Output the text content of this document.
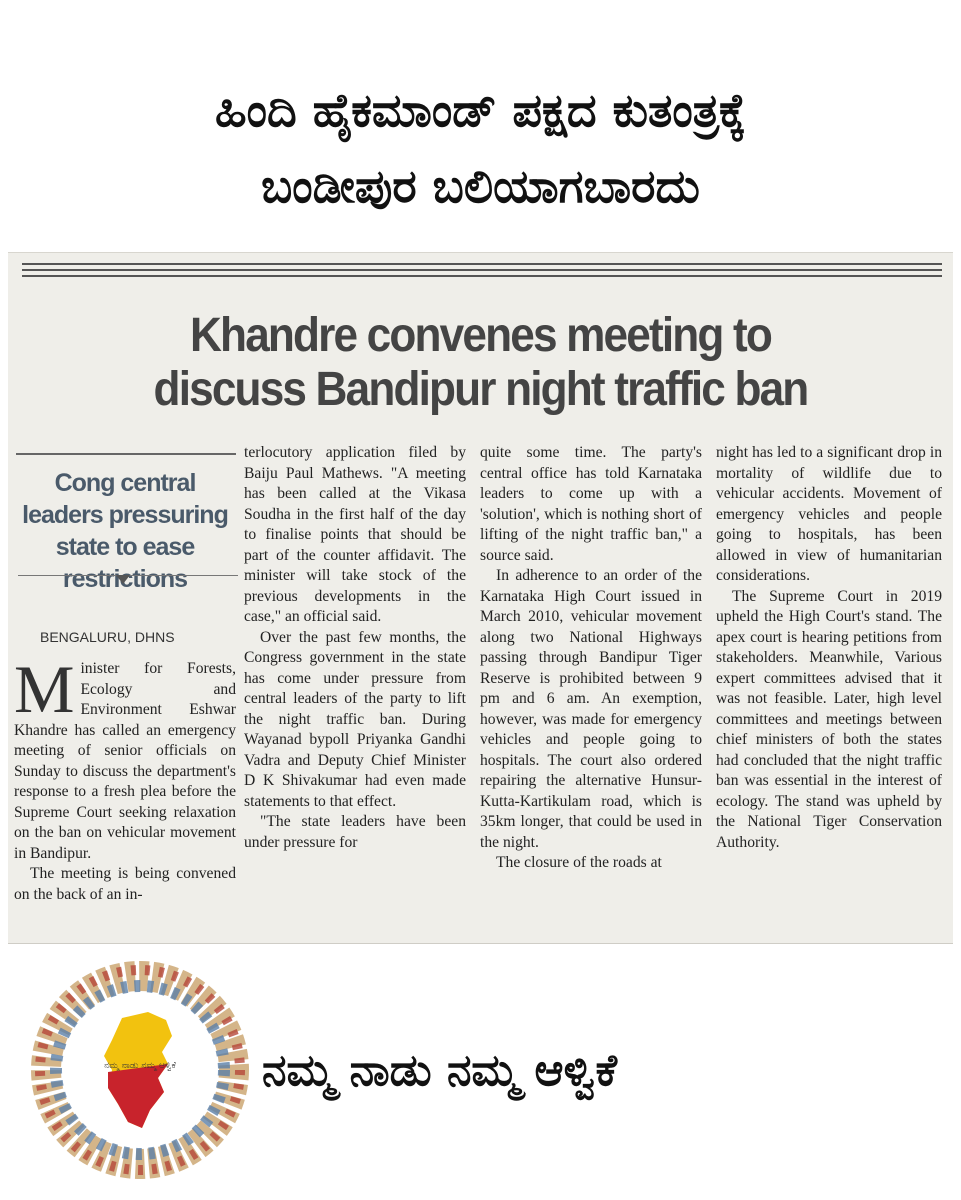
ಹಿಂದಿ ಹೈಕಮಾಂಡ್ ಪಕ್ಷದ ಕುತಂತ್ರಕ್ಕೆ
ಬಂಡೀಪುರ ಬಲಿಯಾಗಬಾರದು
Khandre convenes meeting to
discuss Bandipur night traffic ban
Cong central leaders pressuring state to ease restrictions
BENGALURU, DHNS

Minister for Forests, Ecology and Environment Eshwar Khandre has called an emergency meeting of senior officials on Sunday to discuss the department's response to a fresh plea before the Supreme Court seeking relaxation on the ban on vehicular movement in Bandipur.

The meeting is being convened on the back of an in-

terlocutory application filed by Baiju Paul Mathews. "A meeting has been called at the Vikasa Soudha in the first half of the day to finalise points that should be part of the counter affidavit. The minister will take stock of the previous developments in the case," an official said.

Over the past few months, the Congress government in the state has come under pressure from central leaders of the party to lift the night traffic ban. During Wayanad bypoll Priyanka Gandhi Vadra and Deputy Chief Minister D K Shivakumar had even made statements to that effect.

"The state leaders have been under pressure for

quite some time. The party's central office has told Karnataka leaders to come up with a 'solution', which is nothing short of lifting of the night traffic ban," a source said.

In adherence to an order of the Karnataka High Court issued in March 2010, vehicular movement along two National Highways passing through Bandipur Tiger Reserve is prohibited between 9 pm and 6 am. An exemption, however, was made for emergency vehicles and people going to hospitals. The court also ordered repairing the alternative Hunsur-Kutta-Kartikulam road, which is 35km longer, that could be used in the night.

The closure of the roads at

night has led to a significant drop in mortality of wildlife due to vehicular accidents. Movement of emergency vehicles and people going to hospitals, has been allowed in view of humanitarian considerations.

The Supreme Court in 2019 upheld the High Court's stand. The apex court is hearing petitions from stakeholders. Meanwhile, Various expert committees advised that it was not feasible. Later, high level committees and meetings between chief ministers of both the states had concluded that the night traffic ban was essential in the interest of ecology. The stand was upheld by the National Tiger Conservation Authority.

ನಮ್ಮ ನಾಡು ನಮ್ಮ ಆಳ್ವಿಕೆ ನಮ್ಮ ನಾಡು ನಮ್ಮ ಆಳ್ವಿಕೆ
